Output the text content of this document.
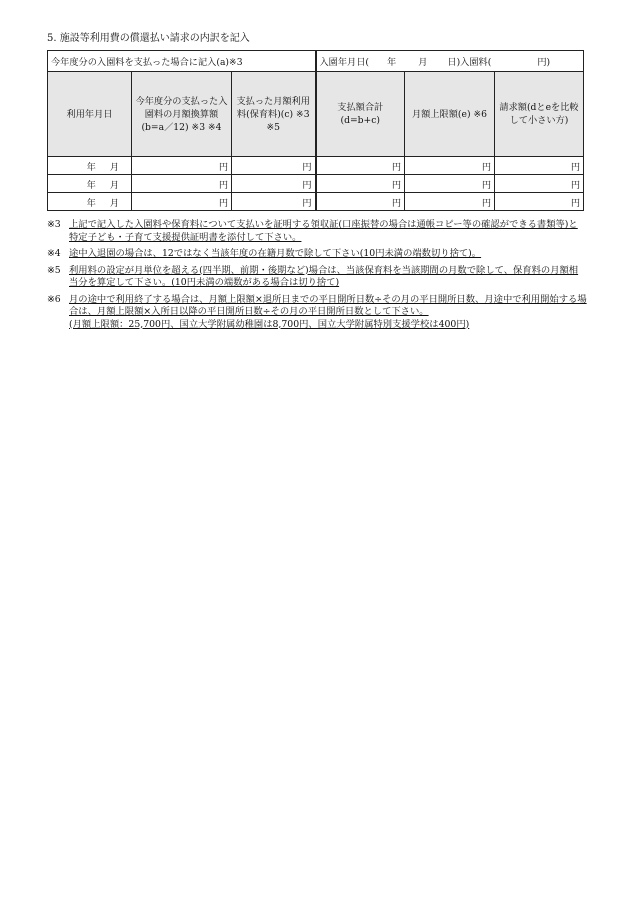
5. 施設等利用費の償還払い請求の内訳を記入
今年度分の入園料を支払った場合に記入(a)※3			入園年月日( 年 月 日)入園料( 円)		
利用年月日	今年度分の支払った入園料の月額換算額(b=a／12) ※3 ※4	支払った月額利用料(保育料)(c) ※3 ※5	支払額合計(d=b+c)	月額上限額(e) ※6	請求額(dとeを比較して小さい方)
年 月	円	円	円	円	円
年 月	円	円	円	円	円
年 月	円	円	円	円	円
※3 上記で記入した入園料や保育料について支払いを証明する領収証(口座振替の場合は通帳コピー等の確認ができる書類等)と特定子ども・子育て支援提供証明書を添付して下さい。
※4 途中入退園の場合は、12ではなく当該年度の在籍月数で除して下さい(10円未満の端数切り捨て)。
※5 利用料の設定が月単位を超える(四半期、前期・後期など)場合は、当該保育料を当該期間の月数で除して、保育料の月額相当分を算定して下さい。(10円未満の端数がある場合は切り捨て)
※6 月の途中で利用終了する場合は、月額上限額×退所日までの平日開所日数÷その月の平日開所日数、月途中で利用開始する場合は、月額上限額×入所日以降の平日開所日数÷その月の平日開所日数として下さい。
(月額上限額：25,700円、国立大学附属幼稚園は8,700円、国立大学附属特別支援学校は400円)
